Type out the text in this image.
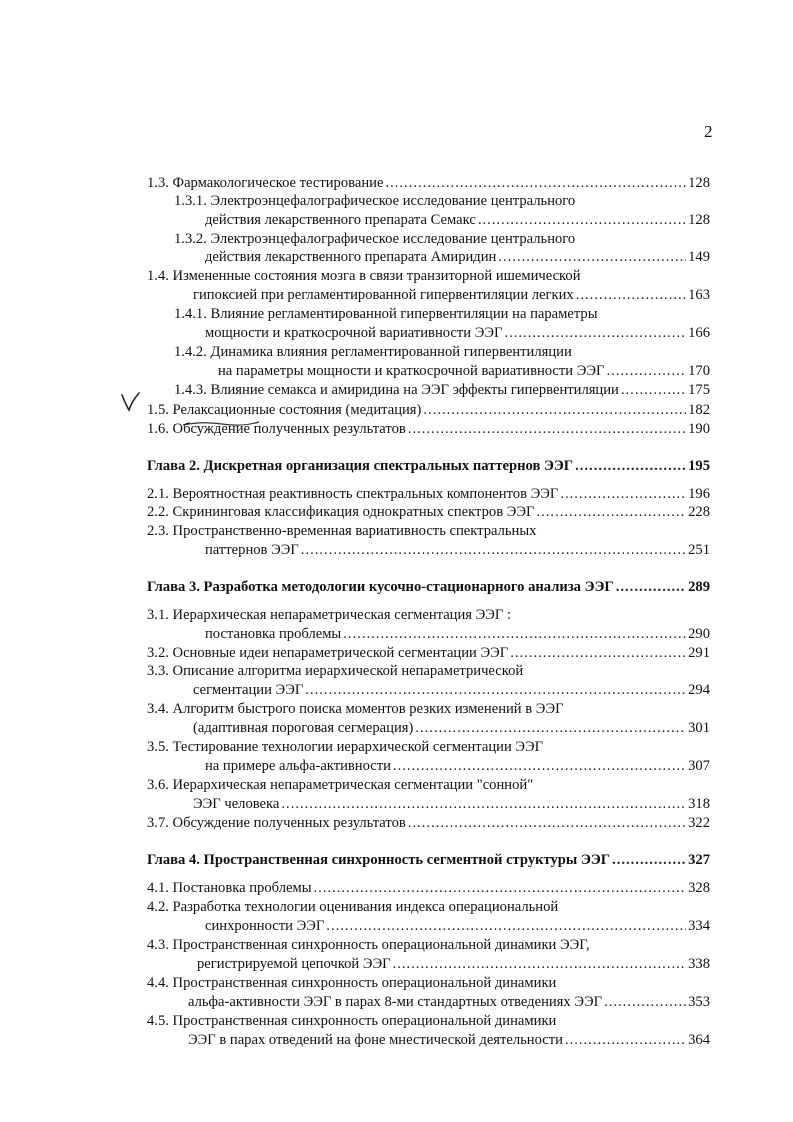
2
1.3. Фармакологическое тестирование .....	128
1.3.1. Электроэнцефалографическое исследование центрального
действия лекарственного препарата Семакс .....	128
1.3.2. Электроэнцефалографическое исследование центрального
действия лекарственного препарата Амиридин .....	149
1.4. Измененные состояния мозга в связи транзиторной ишемической
гипоксией при регламентированной гипервентиляции легких .....	163
1.4.1. Влияние регламентированной гипервентиляции на параметры
мощности и краткосрочной вариативности ЭЭГ .....	166
1.4.2. Динамика влияния регламентированной гипервентиляции
на параметры мощности и краткосрочной вариативности ЭЭГ .....	170
1.4.3. Влияние семакса и амиридина на ЭЭГ эффекты гипервентиляции .....	175
1.5. Релаксационные состояния (медитация) .....	182
1.6. Обсуждение полученных результатов .....	190
Глава 2. Дискретная организация спектральных паттернов ЭЭГ .....	195
2.1. Вероятностная реактивность спектральных компонентов ЭЭГ .....	196
2.2. Скрининговая классификация однократных спектров ЭЭГ .....	228
2.3. Пространственно-временная вариативность спектральных
паттернов ЭЭГ .....	251
Глава 3. Разработка методологии кусочно-стационарного анализа ЭЭГ .....	289
3.1. Иерархическая непараметрическая сегментация ЭЭГ :
постановка проблемы .....	290
3.2. Основные идеи непараметрической сегментации ЭЭГ .....	291
3.3. Описание алгоритма иерархической непараметрической
сегментации ЭЭГ .....	294
3.4. Алгоритм быстрого поиска моментов резких изменений в ЭЭГ
(адаптивная пороговая сегмерация) .....	301
3.5. Тестирование технологии иерархической сегментации ЭЭГ
на примере альфа-активности .....	307
3.6. Иерархическая непараметрическая сегментации "сонной"
ЭЭГ человека .....	318
3.7. Обсуждение полученных результатов .....	322
Глава 4. Пространственная синхронность сегментной структуры ЭЭГ .....	327
4.1. Постановка проблемы .....	328
4.2. Разработка технологии оценивания индекса операциональной
синхронности ЭЭГ .....	334
4.3. Пространственная синхронность операциональной динамики ЭЭГ,
регистрируемой цепочкой ЭЭГ .....	338
4.4. Пространственная синхронность операциональной динамики
альфа-активности ЭЭГ в парах 8-ми стандартных отведениях ЭЭГ .....	353
4.5. Пространственная синхронность операциональной динамики
ЭЭГ в парах отведений на фоне мнестической деятельности .....	364
